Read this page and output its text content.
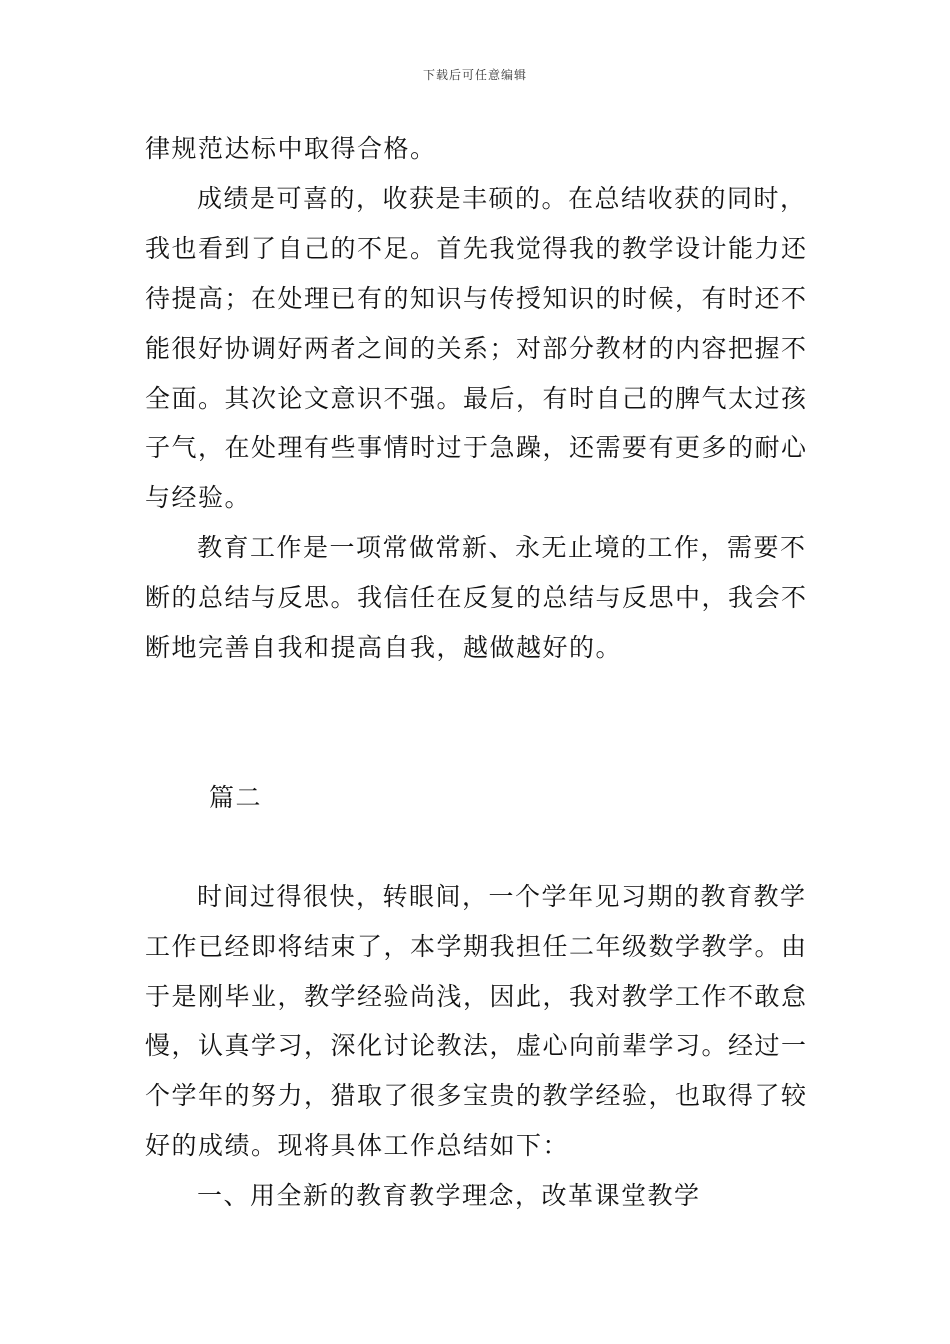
下载后可任意编辑
律规范达标中取得合格。
成绩是可喜的，收获是丰硕的。在总结收获的同时，
我也看到了自己的不足。首先我觉得我的教学设计能力还
待提高；在处理已有的知识与传授知识的时候，有时还不
能很好协调好两者之间的关系；对部分教材的内容把握不
全面。其次论文意识不强。最后，有时自己的脾气太过孩
子气，在处理有些事情时过于急躁，还需要有更多的耐心
与经验。
教育工作是一项常做常新、永无止境的工作，需要不
断的总结与反思。我信任在反复的总结与反思中，我会不
断地完善自我和提高自我，越做越好的。
篇二
时间过得很快，转眼间，一个学年见习期的教育教学
工作已经即将结束了，本学期我担任二年级数学教学。由
于是刚毕业，教学经验尚浅，因此，我对教学工作不敢怠
慢，认真学习，深化讨论教法，虚心向前辈学习。经过一
个学年的努力，猎取了很多宝贵的教学经验，也取得了较
好的成绩。现将具体工作总结如下：
一、用全新的教育教学理念，改革课堂教学
